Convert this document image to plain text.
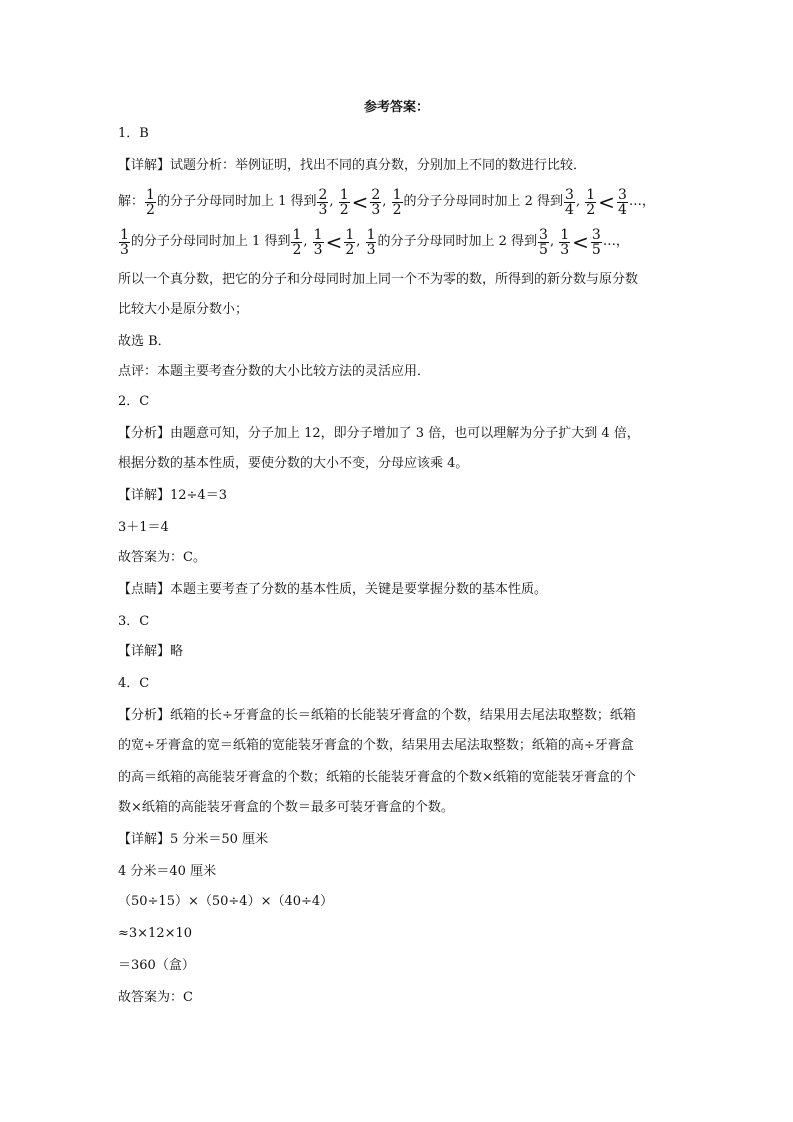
参考答案：
1．B
【详解】试题分析：举例证明，找出不同的真分数，分别加上不同的数进行比较．
解： $\frac{1}{2}$ 的分子分母同时加上 1 得到 $\frac{2}{3}$ , $\frac{1}{2} < \frac{2}{3}$ , $\frac{1}{2}$ 的分子分母同时加上 2 得到 $\frac{3}{4}$ , $\frac{1}{2} < \frac{3}{4}$ …，
$\frac{1}{3}$ 的分子分母同时加上 1 得到 $\frac{1}{2}$ , $\frac{1}{3} < \frac{1}{2}$ , $\frac{1}{3}$ 的分子分母同时加上 2 得到 $\frac{3}{5}$ , $\frac{1}{3} < \frac{3}{5}$ …，
所以一个真分数，把它的分子和分母同时加上同一个不为零的数，所得到的新分数与原分数
比较大小是原分数小；
故选 B．
点评：本题主要考查分数的大小比较方法的灵活应用．
2．C
【分析】由题意可知，分子加上 12，即分子增加了 3 倍，也可以理解为分子扩大到 4 倍，
根据分数的基本性质，要使分数的大小不变，分母应该乘 4。
【详解】12÷4＝3
3＋1＝4
故答案为：C。
【点睛】本题主要考查了分数的基本性质，关键是要掌握分数的基本性质。
3．C
【详解】略
4．C
【分析】纸箱的长÷牙膏盒的长＝纸箱的长能装牙膏盒的个数，结果用去尾法取整数；纸箱
的宽÷牙膏盒的宽＝纸箱的宽能装牙膏盒的个数，结果用去尾法取整数；纸箱的高÷牙膏盒
的高＝纸箱的高能装牙膏盒的个数；纸箱的长能装牙膏盒的个数×纸箱的宽能装牙膏盒的个
数×纸箱的高能装牙膏盒的个数＝最多可装牙膏盒的个数。
【详解】5 分米＝50 厘米
4 分米＝40 厘米
（50÷15）×（50÷4）×（40÷4）
≈3×12×10
＝360（盒）
故答案为：C
